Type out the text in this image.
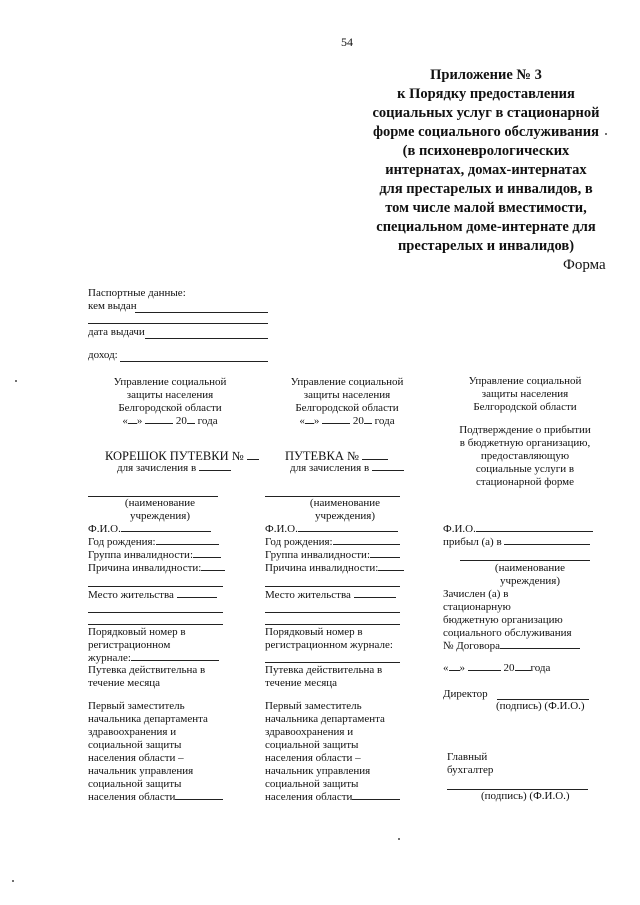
54
Приложение № 3
к Порядку предоставления
социальных услуг в стационарной
форме социального обслуживания
(в психоневрологических
интернатах, домах-интернатах
для престарелых и инвалидов, в
том числе малой вместимости,
специальном доме-интернате для
престарелых и инвалидов)
Форма
Паспортные данные:
кем выдан
дата выдачи
доход:
Управление социальной
защиты населения
Белгородской области
« »	20 года
Управление социальной
защиты населения
Белгородской области
« »	20 года
Управление социальной
защиты населения
Белгородской области
Подтверждение о прибытии
в бюджетную организацию,
предоставляющую
социальные услуги в
стационарной форме
КОРЕШОК ПУТЕВКИ №
для зачисления в
ПУТЕВКА №
для зачисления в
(наименование
учреждения)
(наименование
учреждения)
Ф.И.О.
Год рождения:
Группа инвалидности:
Причина инвалидности:
Место жительства
Порядковый номер в
регистрационном
журнале:
Путевка действительна в
течение месяца
Первый заместитель
начальника департамента
здравоохранения и
социальной защиты
населения области –
начальник управления
социальной защиты
населения области
Ф.И.О.
Год рождения:
Группа инвалидности:
Причина инвалидности:
Место жительства
Порядковый номер в
регистрационном журнале:
Путевка действительна в
течение месяца
Первый заместитель
начальника департамента
здравоохранения и
социальной защиты
населения области –
начальник управления
социальной защиты
населения области
Ф.И.О.
прибыл (а) в
(наименование
учреждения)
Зачислен (а) в
стационарную
бюджетную организацию
социального обслуживания
№ Договора
« »	20 года
Директор
(подпись) (Ф.И.О.)
Главный
бухгалтер
(подпись) (Ф.И.О.)
